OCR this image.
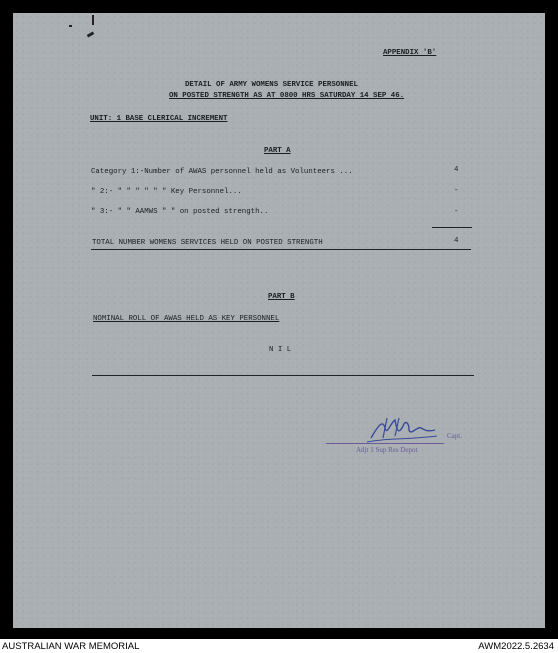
APPENDIX 'B'
DETAIL OF ARMY WOMENS SERVICE PERSONNEL
ON POSTED STRENGTH AS AT 0800 HRS SATURDAY 14 SEP 46.
UNIT: 1 BASE CLERICAL INCREMENT
PART A
Category 1:-Number of AWAS personnel held as Volunteers ...	4
" 2:- " " " " " " Key Personnel...	-
" 3:- " " AAMWS " " on posted strength..	-
TOTAL NUMBER WOMENS SERVICES HELD ON POSTED STRENGTH	4
PART B
NOMINAL ROLL OF AWAS HELD AS KEY PERSONNEL
N I L
Capt.
Adjt 1 Sup Res Depot
AUSTRALIAN WAR MEMORIAL	AWM2022.5.2634
